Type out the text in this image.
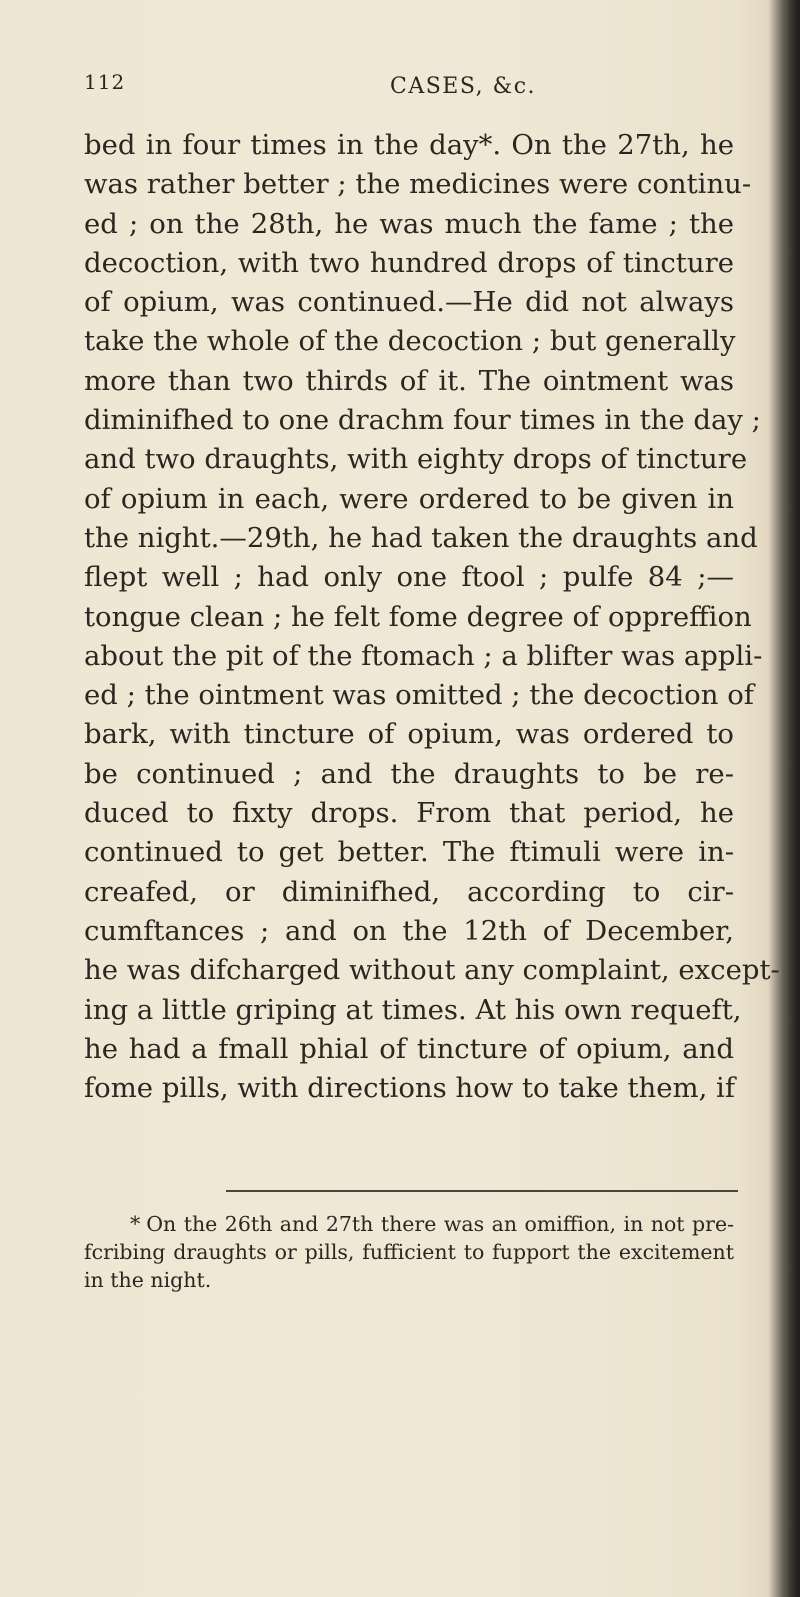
112	CASES, &c.
bed in four times in the day*. On the 27th, he
was rather better ; the medicines were continu-
ed ; on the 28th, he was much the fame ; the
decoction, with two hundred drops of tincture
of opium, was continued.—He did not always
take the whole of the decoction ; but generally
more than two thirds of it. The ointment was
diminifhed to one drachm four times in the day ;
and two draughts, with eighty drops of tincture
of opium in each, were ordered to be given in
the night.—29th, he had taken the draughts and
flept well ; had only one ftool ; pulfe 84 ;—
tongue clean ; he felt fome degree of oppreffion
about the pit of the ftomach ; a blifter was appli-
ed ; the ointment was omitted ; the decoction of
bark, with tincture of opium, was ordered to
be continued ; and the draughts to be re-
duced to fixty drops. From that period, he
continued to get better. The ftimuli were in-
creafed, or diminifhed, according to cir-
cumftances ; and on the 12th of December,
he was difcharged without any complaint, except-
ing a little griping at times. At his own requeft,
he had a fmall phial of tincture of opium, and
fome pills, with directions how to take them, if
* On the 26th and 27th there was an omiffion, in not pre-
fcribing draughts or pills, fufficient to fupport the excitement
in the night.
